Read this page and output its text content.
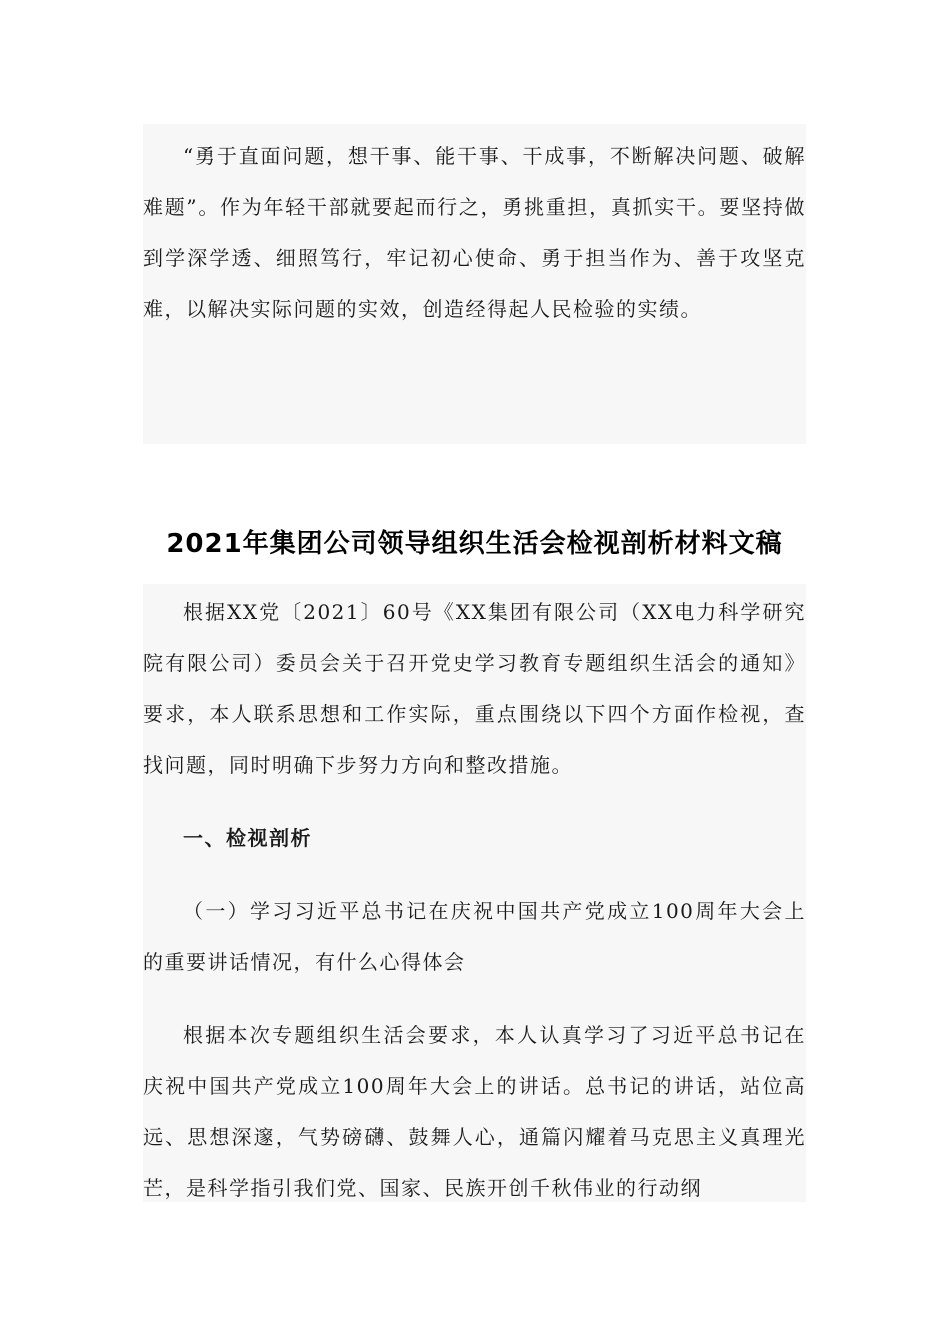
“勇于直面问题，想干事、能干事、干成事，不断解决问题、破解难题”。作为年轻干部就要起而行之，勇挑重担，真抓实干。要坚持做到学深学透、细照笃行，牢记初心使命、勇于担当作为、善于攻坚克难，以解决实际问题的实效，创造经得起人民检验的实绩。

2021年集团公司领导组织生活会检视剖析材料文稿

根据XX党〔2021〕60号《XX集团有限公司（XX电力科学研究院有限公司）委员会关于召开党史学习教育专题组织生活会的通知》要求，本人联系思想和工作实际，重点围绕以下四个方面作检视，查找问题，同时明确下步努力方向和整改措施。

一、检视剖析

（一）学习习近平总书记在庆祝中国共产党成立100周年大会上的重要讲话情况，有什么心得体会

根据本次专题组织生活会要求，本人认真学习了习近平总书记在庆祝中国共产党成立100周年大会上的讲话。总书记的讲话，站位高远、思想深邃，气势磅礴、鼓舞人心，通篇闪耀着马克思主义真理光芒，是科学指引我们党、国家、民族开创千秋伟业的行动纲
